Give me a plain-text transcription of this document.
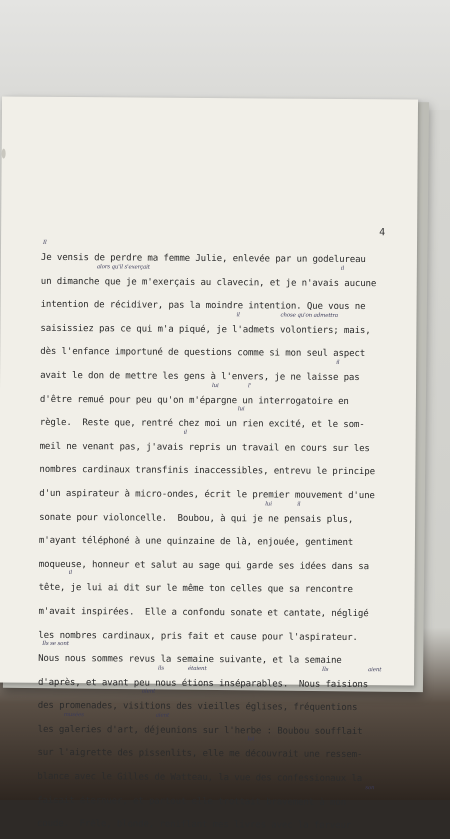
4
Je vensis de perdre ma femme Julie, enlevée par un godelureau
Il
un dimanche que je m'exerçais au clavecin, et je n'avais aucune
alors qu'il s'exerçait	il
intention de récidiver, pas la moindre intention. Que vous ne
saisissiez pas ce qui m'a piqué, je l'admets volontiers; mais,
il	chose qu'on admettra
dès l'enfance importuné de questions comme si mon seul aspect
avait le don de mettre les gens à l'envers, je ne laisse pas
il
d'être remué pour peu qu'on m'épargne un interrogatoire en
lui	l'
règle.  Reste que, rentré chez moi un rien excité, et le som-
lui
meil ne venant pas, j'avais repris un travail en cours sur les
il
nombres cardinaux transfinis inaccessibles, entrevu le principe
d'un aspirateur à micro-ondes, écrit le premier mouvement d'une
sonate pour violoncelle.  Boubou, à qui je ne pensais plus,
lui	il
m'ayant téléphoné à une quinzaine de là, enjouée, gentiment
moqueuse, honneur et salut au sage qui garde ses idées dans sa
tête, je lui ai dit sur le même ton celles que sa rencontre
il
m'avait inspirées.  Elle a confondu sonate et cantate, négligé
les nombres cardinaux, pris fait et cause pour l'aspirateur.
Nous nous sommes revus la semaine suivante, et la semaine
Ils se sont
d'après, et avant peu nous étions inséparables.  Nous faisions
ils	étaient	Ils	aient
des promenades, visitions des vieilles églises, fréquentions
aient
les galeries d'art, déjeunions sur l'herbe : Boubou soufflait
musées	aient
sur l'aigrette des pissenlits, elle me découvrait une ressem-
lui
blance avec le Gilles de Watteau, la vue des confessionaux la
faisait éternuer, et partout elle trottait bravement à mon
son
coude.  Frêle, blonde, reniflant mes livres avec la ferveur
